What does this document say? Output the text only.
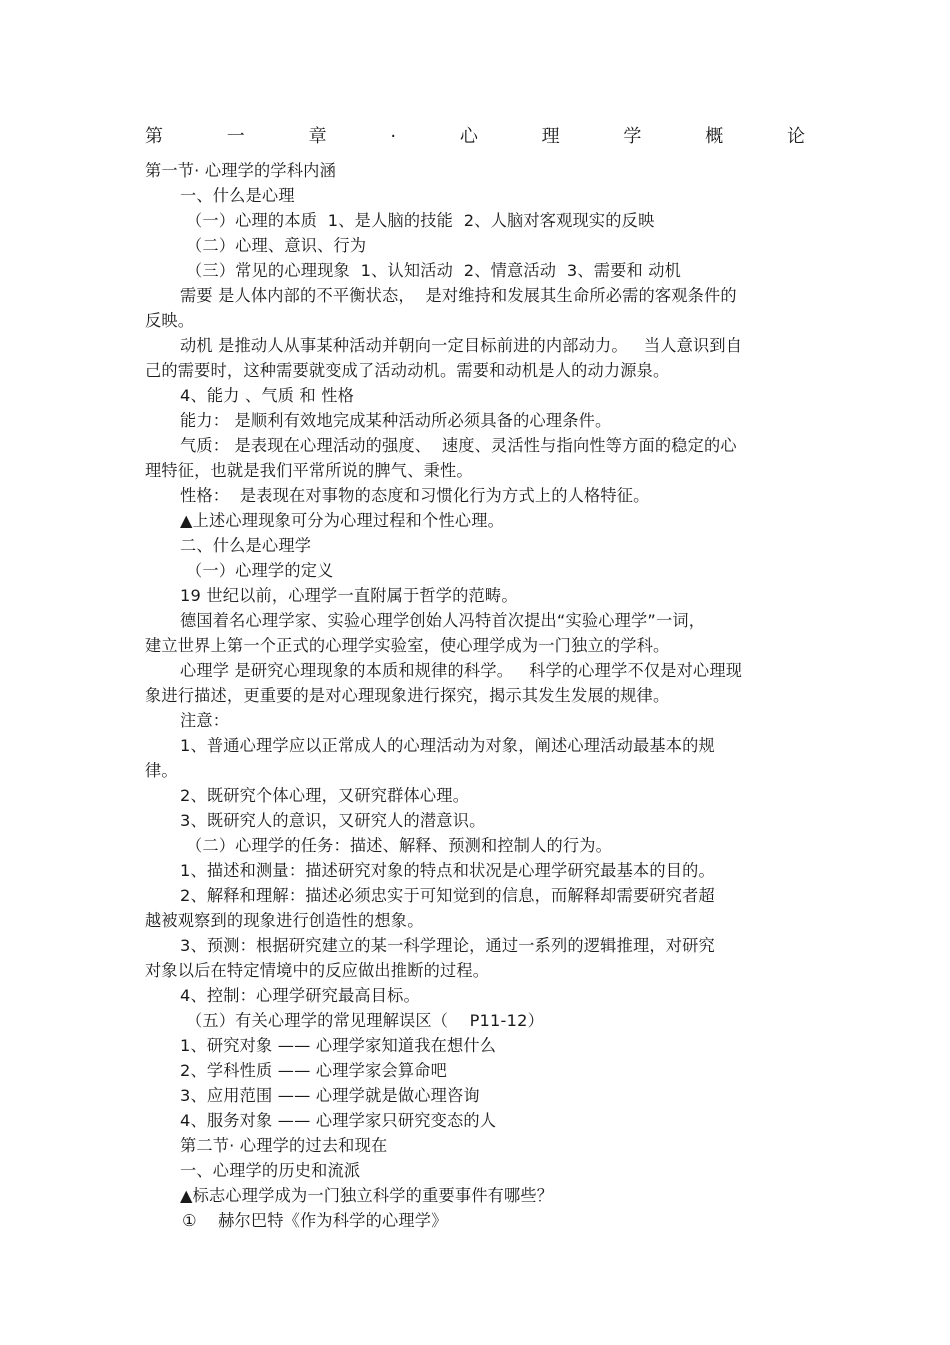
第	一	章	·	心	理	学	概	论
第一节· 心理学的学科内涵
一、什么是心理
（一）心理的本质  1、是人脑的技能  2、人脑对客观现实的反映
（二）心理、意识、行为
（三）常见的心理现象  1、认知活动  2、情意活动  3、需要和 动机
需要 是人体内部的不平衡状态，  是对维持和发展其生命所必需的客观条件的
反映。
动机 是推动人从事某种活动并朝向一定目标前进的内部动力。   当人意识到自
己的需要时，这种需要就变成了活动动机。需要和动机是人的动力源泉。
4、能力 、气质 和 性格
能力： 是顺利有效地完成某种活动所必须具备的心理条件。
气质： 是表现在心理活动的强度、  速度、灵活性与指向性等方面的稳定的心
理特征，也就是我们平常所说的脾气、秉性。
性格：  是表现在对事物的态度和习惯化行为方式上的人格特征。
▲上述心理现象可分为心理过程和个性心理。
二、什么是心理学
（一）心理学的定义
19 世纪以前，心理学一直附属于哲学的范畴。
德国着名心理学家、实验心理学创始人冯特首次提出“实验心理学”一词，
建立世界上第一个正式的心理学实验室，使心理学成为一门独立的学科。
心理学 是研究心理现象的本质和规律的科学。   科学的心理学不仅是对心理现
象进行描述，更重要的是对心理现象进行探究，揭示其发生发展的规律。
注意：
1、普通心理学应以正常成人的心理活动为对象，阐述心理活动最基本的规
律。
2、既研究个体心理，又研究群体心理。
3、既研究人的意识，又研究人的潜意识。
（二）心理学的任务：描述、解释、预测和控制人的行为。
1、描述和测量：描述研究对象的特点和状况是心理学研究最基本的目的。
2、解释和理解：描述必须忠实于可知觉到的信息，而解释却需要研究者超
越被观察到的现象进行创造性的想象。
3、预测：根据研究建立的某一科学理论，通过一系列的逻辑推理，对研究
对象以后在特定情境中的反应做出推断的过程。
4、控制：心理学研究最高目标。
（五）有关心理学的常见理解误区（    P11-12）
1、研究对象 —— 心理学家知道我在想什么
2、学科性质 —— 心理学家会算命吧
3、应用范围 —— 心理学就是做心理咨询
4、服务对象 —— 心理学家只研究变态的人
第二节· 心理学的过去和现在
一、心理学的历史和流派
▲标志心理学成为一门独立科学的重要事件有哪些？
①    赫尔巴特《作为科学的心理学》
